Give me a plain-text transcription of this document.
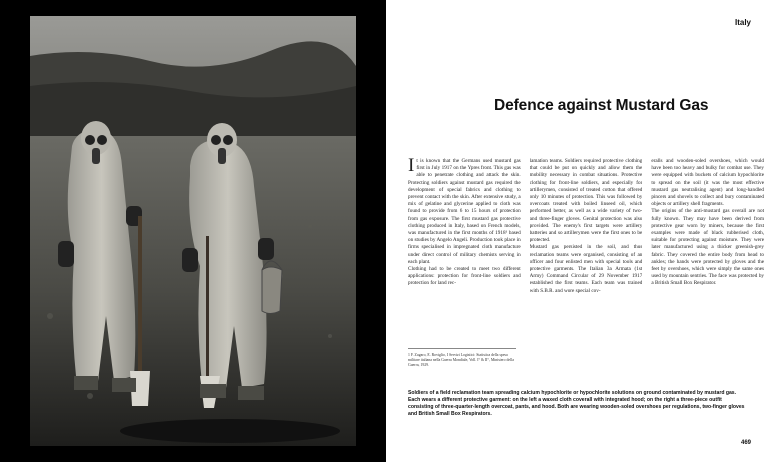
Italy
Defence against Mustard Gas

It is known that the Germans used mustard gas first in July 1917 on the Ypres front. This gas was able to penetrate clothing and attack the skin. Protecting soldiers against mustard gas required the development of special fabrics and clothing to prevent contact with the skin. After extensive study, a mix of gelatine and glycerine applied to cloth was found to provide from 6 to 15 hours of protection from gas exposure. The first mustard gas protective clothing produced in Italy, based on French models, was manufactured in the first months of 1918¹ based on studies by Angelo Angeli. Production took place in firms specialised in impregnated cloth manufacture under direct control of military chemists serving in each plant.

Clothing had to be created to meet two different applications: protection for front-line soldiers and protection for land rec-

lamation teams. Soldiers required protective clothing that could be put on quickly and allow them the mobility necessary in combat situations. Protective clothing for front-line soldiers, and especially for artillerymen, consisted of treated cotton that offered only 10 minutes of protection. This was followed by overcoats treated with boiled linseed oil, which performed better, as well as a wide variety of two- and three-finger gloves. Genital protection was also provided. The enemy's first targets were artillery batteries and so artillerymen were the first ones to be protected.

Mustard gas persisted in the soil, and thus reclamation teams were organised, consisting of an officer and four enlisted men with special tools and protective garments. The Italian 3a Armata (1st Army) Command Circular of 29 November 1917 established the first teams. Each team was trained with S.B.R. and wore special cov-

eralls and wooden-soled overshoes, which would have been too heavy and bulky for combat use. They were equipped with buckets of calcium hypochlorite to spread on the soil (it was the most effective mustard gas neutralising agent) and long-handled pincers and shovels to collect and bury contaminated objects or artillery shell fragments.

The origins of the anti-mustard gas overall are not fully known. They may have been derived from protective gear worn by miners, because the first examples were made of black rubberised cloth, suitable for protecting against moisture. They were later manufactured using a thicker greenish-grey fabric. They covered the entire body from head to ankles; the hands were protected by gloves and the feet by overshoes, which were simply the same ones used by mountain sentries. The face was protected by a British Small Box Respirator.

1 F. Zugaro, E. Roviglio, I Servizi Logistici: Statistica della spesa militare italiana nella Guerra Mondiale, Voll. I° & II°, Ministero della Guerra, 1929.
Soldiers of a field reclamation team spreading calcium hypochlorite or hypochlorite solutions on ground contaminated by mustard gas. Each wears a different protective garment: on the left a waxed cloth coverall with integrated hood; on the right a three-piece outfit consisting of three-quarter-length overcoat, pants, and hood. Both are wearing wooden-soled overshoes per regulations, two-finger gloves and British Small Box Respirators.
469
